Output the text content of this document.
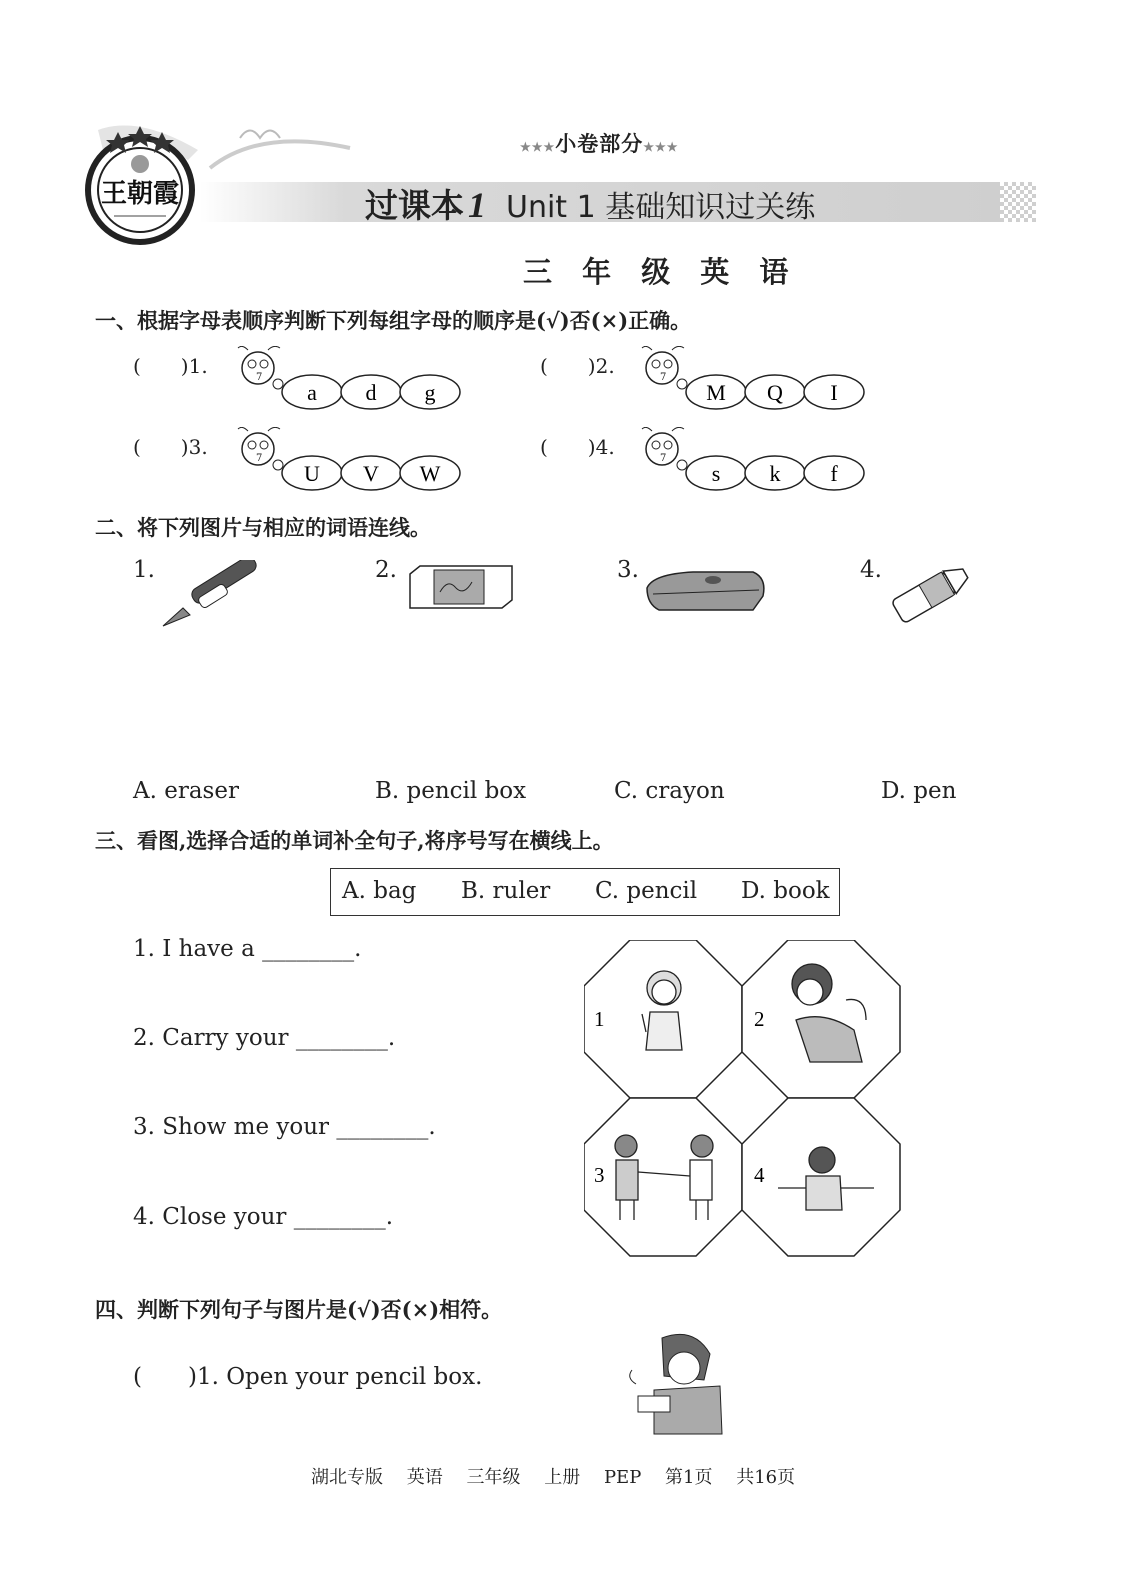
王朝霞
★★★小卷部分★★★
过课本 1 Unit 1 基础知识过关练
三 年 级 英 语
一、根据字母表顺序判断下列每组字母的顺序是(√)否(×)正确。
(　　)1.	(　　)2.
(　　)3.	(　　)4.
7
a d g
7
M Q I
7
U V W
7
s k f
二、将下列图片与相应的词语连线。
1.	2.	3.	4.
A. eraser	B. pencil box	C. crayon	D. pen
三、看图,选择合适的单词补全句子,将序号写在横线上。
A. bag B. ruler C. pencil D. book
1. I have a ________.
2. Carry your ________.
3. Show me your ________.
4. Close your ________.
1	2
3	4
四、判断下列句子与图片是(√)否(×)相符。
(　　)1. Open your pencil box.
湖北专版 英语 三年级 上册 PEP 第1页 共16页
